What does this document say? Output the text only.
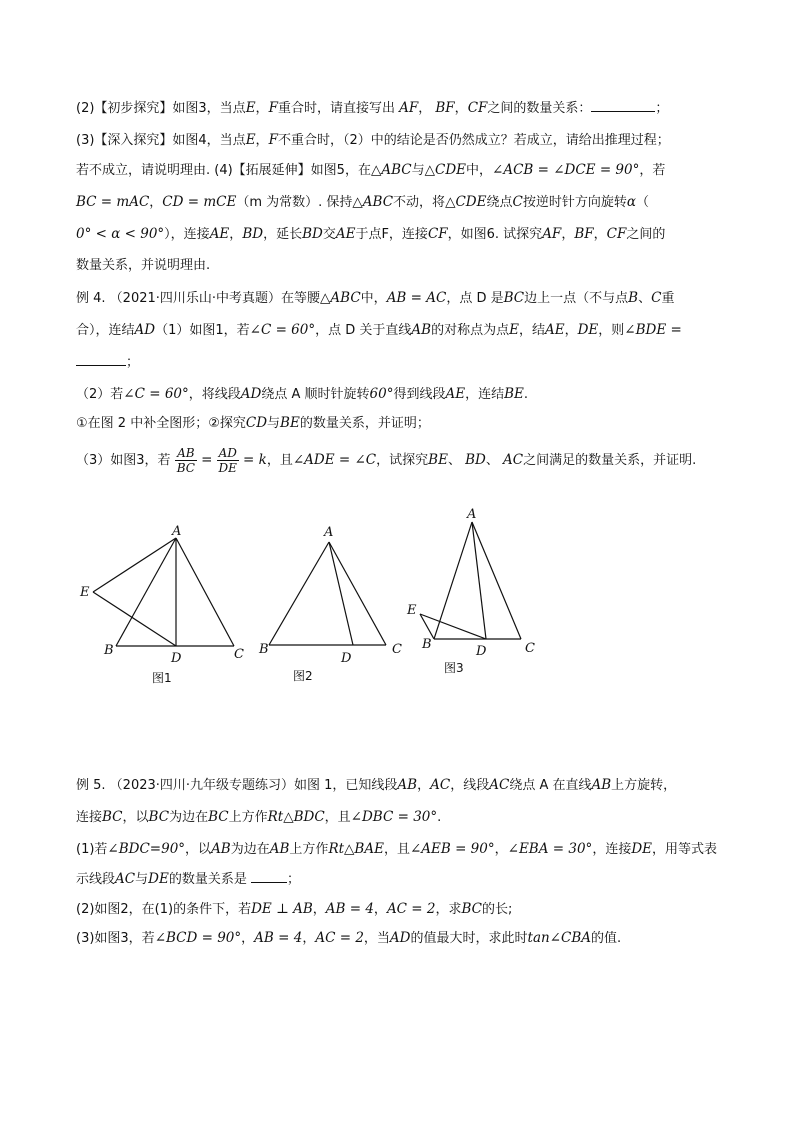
(2)【初步探究】如图3，当点E，F重合时，请直接写出 AF， BF，CF之间的数量关系：	；
(3)【深入探究】如图4，当点E，F不重合时，（2）中的结论是否仍然成立？若成立，请给出推理过程；
若不成立，请说明理由. (4)【拓展延伸】如图5，在△ABC与△CDE中，∠ACB = ∠DCE = 90°，若
BC = mAC，CD = mCE（m 为常数）. 保持△ABC不动，将△CDE绕点C按逆时针方向旋转α（
0° < α < 90°），连接AE，BD，延长BD交AE于点F，连接CF，如图6. 试探究AF，BF，CF之间的
数量关系，并说明理由.
例 4. （2021·四川乐山·中考真题）在等腰△ABC中，AB = AC，点 D 是BC边上一点（不与点B、C重
合），连结AD（1）如图1，若∠C = 60°，点 D 关于直线AB的对称点为点E，结AE，DE，则∠BDE =
；
（2）若∠C = 60°，将线段AD绕点 A 顺时针旋转60°得到线段AE，连结BE.
①在图 2 中补全图形；②探究CD与BE的数量关系，并证明；
（3）如图3，若 $\frac{AB}{BC} = \frac{AD}{DE} = k$，且∠ADE = ∠C，试探究BE、 BD、 AC之间满足的数量关系，并证明.
A
B	C
D
E
图1
A
B	C
D
图2
A
B	C
D
E
图3
例 5. （2023·四川·九年级专题练习）如图 1，已知线段AB，AC，线段AC绕点 A 在直线AB上方旋转，
连接BC，以BC为边在BC上方作Rt△BDC，且∠DBC = 30°.
(1)若∠BDC=90°，以AB为边在AB上方作Rt△BAE，且∠AEB = 90°，∠EBA = 30°，连接DE，用等式表
示线段AC与DE的数量关系是	；
(2)如图2，在(1)的条件下，若DE ⊥ AB，AB = 4，AC = 2，求BC的长;
(3)如图3，若∠BCD = 90°，AB = 4，AC = 2，当AD的值最大时，求此时tan∠CBA的值.
